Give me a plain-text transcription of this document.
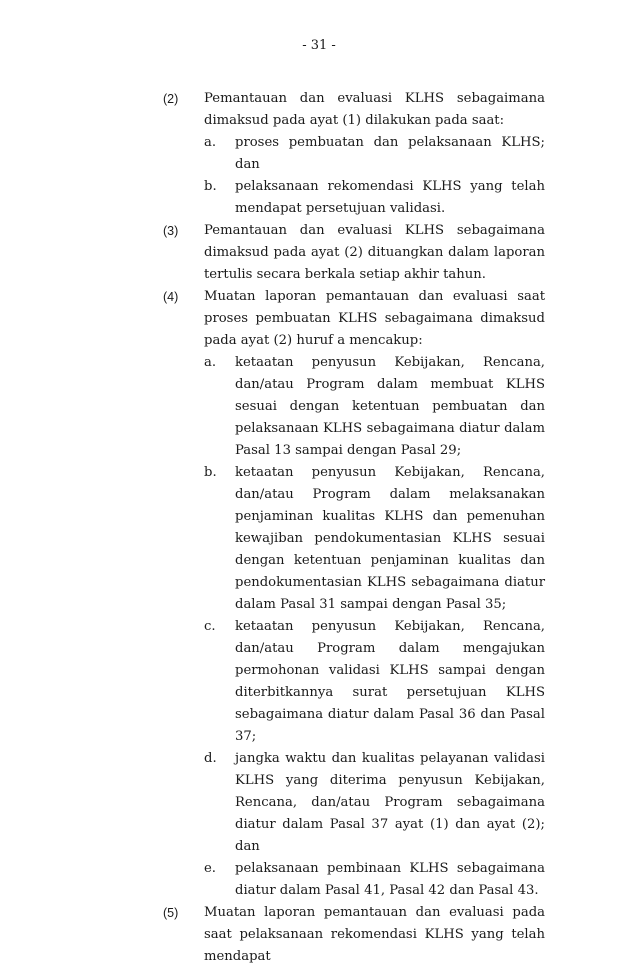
- 31 -
(2)	Pemantauan dan evaluasi KLHS sebagaimana dimaksud pada ayat (1) dilakukan pada saat:
a.	proses pembuatan dan pelaksanaan KLHS; dan
b.	pelaksanaan rekomendasi KLHS yang telah mendapat persetujuan validasi.
(3)	Pemantauan dan evaluasi KLHS sebagaimana dimaksud pada ayat (2) dituangkan dalam laporan tertulis secara berkala setiap akhir tahun.
(4)	Muatan laporan pemantauan dan evaluasi saat proses pembuatan KLHS sebagaimana dimaksud pada ayat (2) huruf a mencakup:
a.	ketaatan penyusun Kebijakan, Rencana, dan/atau Program dalam membuat KLHS sesuai dengan ketentuan pembuatan dan pelaksanaan KLHS sebagaimana diatur dalam Pasal 13 sampai dengan Pasal 29;
b.	ketaatan penyusun Kebijakan, Rencana, dan/atau Program dalam melaksanakan penjaminan kualitas KLHS dan pemenuhan kewajiban pendokumentasian KLHS sesuai dengan ketentuan penjaminan kualitas dan pendokumentasian KLHS sebagaimana diatur dalam Pasal 31 sampai dengan Pasal 35;
c.	ketaatan penyusun Kebijakan, Rencana, dan/atau Program dalam mengajukan permohonan validasi KLHS sampai dengan diterbitkannya surat persetujuan KLHS sebagaimana diatur dalam Pasal 36 dan Pasal 37;
d.	jangka waktu dan kualitas pelayanan validasi KLHS yang diterima penyusun Kebijakan, Rencana, dan/atau Program sebagaimana diatur dalam Pasal 37 ayat (1) dan ayat (2); dan
e.	pelaksanaan pembinaan KLHS sebagaimana diatur dalam Pasal 41, Pasal 42 dan Pasal 43.
(5)	Muatan laporan pemantauan dan evaluasi pada saat pelaksanaan rekomendasi KLHS yang telah mendapat
